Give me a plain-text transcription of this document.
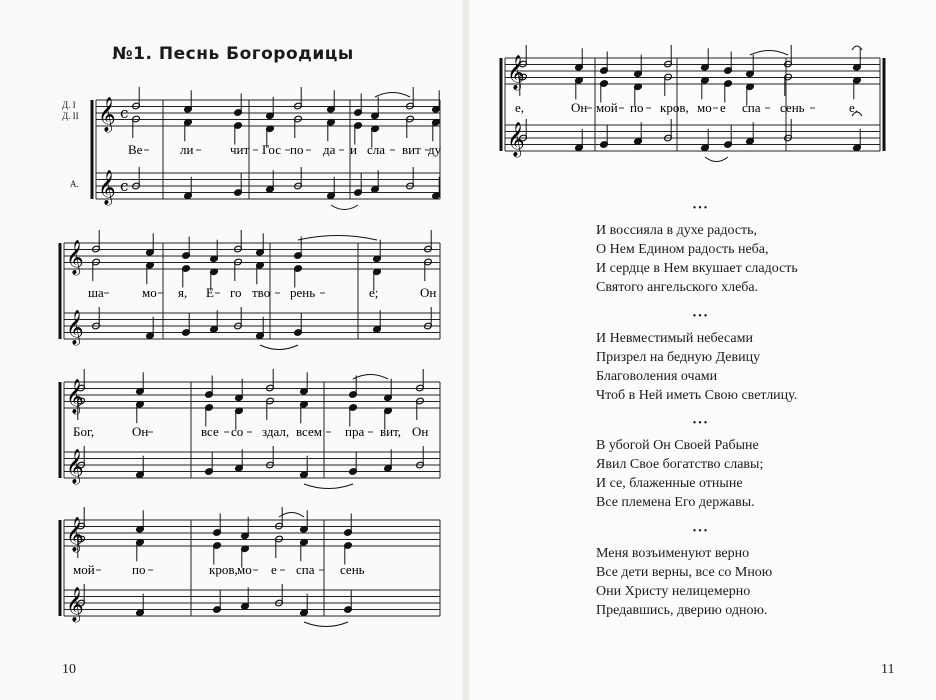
№1. Песнь Богородицы
Д. I
Д. II
А.
𝄞
𝄞
c
c
Ве	ли	чит Гос по да и сла вит ду
𝄞
𝄞
ша	мо я, Е го тво рень	е;	Он
𝄞
𝄞
Бог,	Он	все со здал, всем пра вит, Он
𝄞
𝄞
мой	по	кров, мо е спа сень
𝄞
𝄞
е,	Он мой по кров, мо е спа сень	е.
10	11
•••
И воссияла в духе радость,
О Нем Едином радость неба,
И сердце в Нем вкушает сладость
Святого ангельского хлеба.
•••
И Невместимый небесами
Призрел на бедную Девицу
Благоволения очами
Чтоб в Ней иметь Свою светлицу.
•••
В убогой Он Своей Рабыне
Явил Свое богатство славы;
И се, блаженные отныне
Все племена Его державы.
•••
Меня возъименуют верно
Все дети верны, все со Мною
Они Христу нелицемерно
Предавшись, дверию одною.
